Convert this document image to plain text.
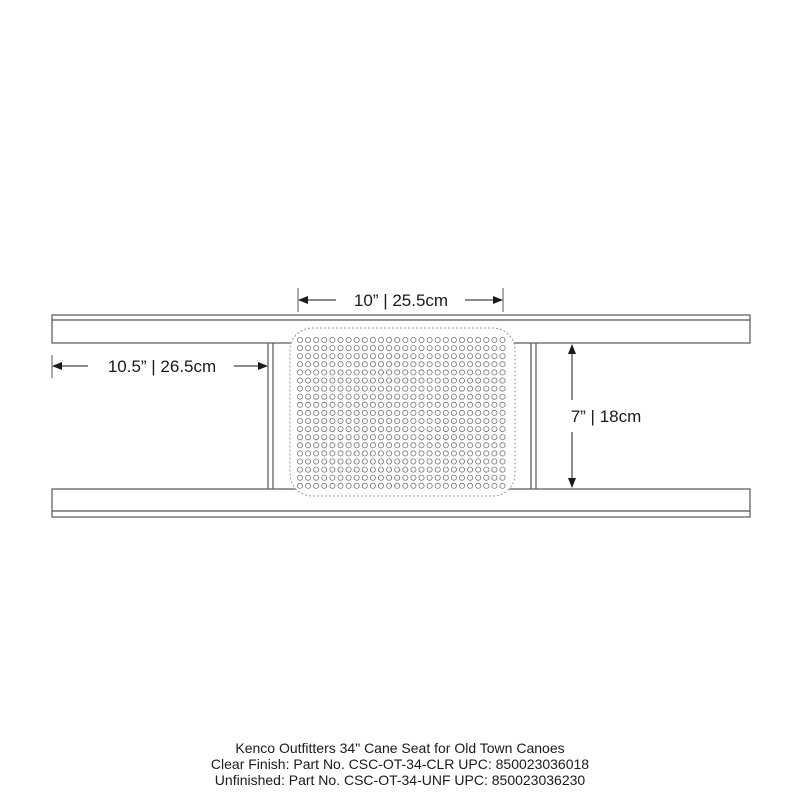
10” | 25.5cm
10.5” | 26.5cm
7” | 18cm
Kenco Outfitters 34" Cane Seat for Old Town Canoes
Clear Finish: Part No. CSC-OT-34-CLR UPC: 850023036018
Unfinished: Part No. CSC-OT-34-UNF UPC: 850023036230
